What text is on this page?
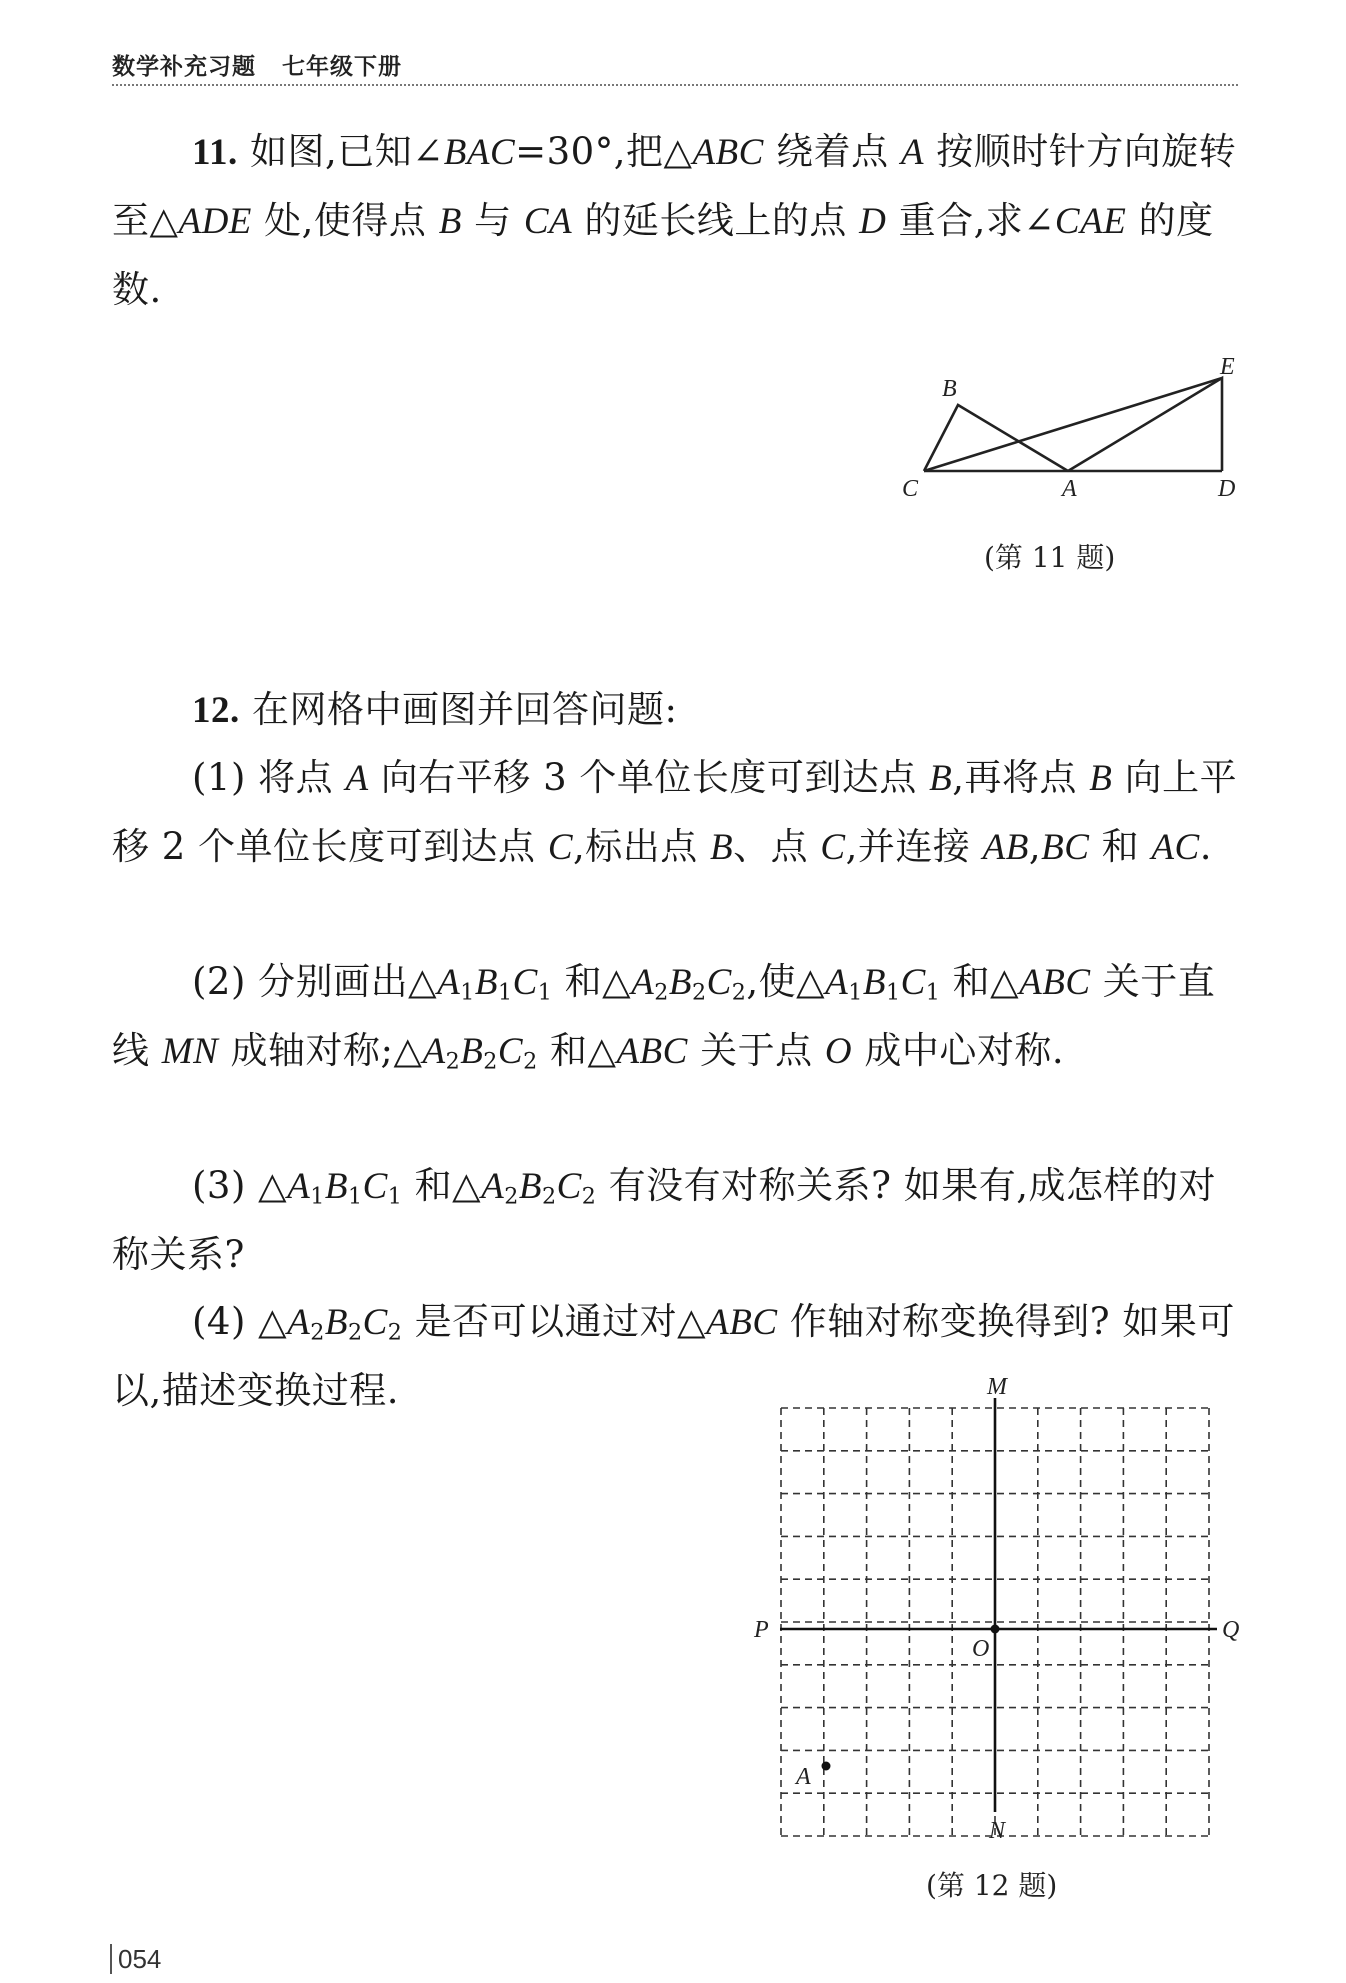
数学补充习题 七年级下册

11. 如图,已知∠BAC=30°,把△ABC 绕着点 A 按顺时针方向旋转至△ADE 处,使得点 B 与 CA 的延长线上的点 D 重合,求∠CAE 的度数.

B
E
C	A	D
(第 11 题)

12. 在网格中画图并回答问题:

(1) 将点 A 向右平移 3 个单位长度可到达点 B,再将点 B 向上平移 2 个单位长度可到达点 C,标出点 B、点 C,并连接 AB,BC 和 AC.

(2) 分别画出$\triangle A_1B_1C_1$ 和$\triangle A_2B_2C_2$,使$\triangle A_1B_1C_1$ 和△ABC 关于直线 MN 成轴对称$;\triangle A_2B_2C_2$ 和△ABC 关于点 O 成中心对称.

(3) $\triangle A_1B_1C_1$ 和$\triangle A_2B_2C_2$ 有没有对称关系? 如果有,成怎样的对称关系?

(4) $\triangle A_2B_2C_2$ 是否可以通过对△ABC 作轴对称变换得到? 如果可以,描述变换过程.	M
N
P	Q
O
A
(第 12 题)
054
